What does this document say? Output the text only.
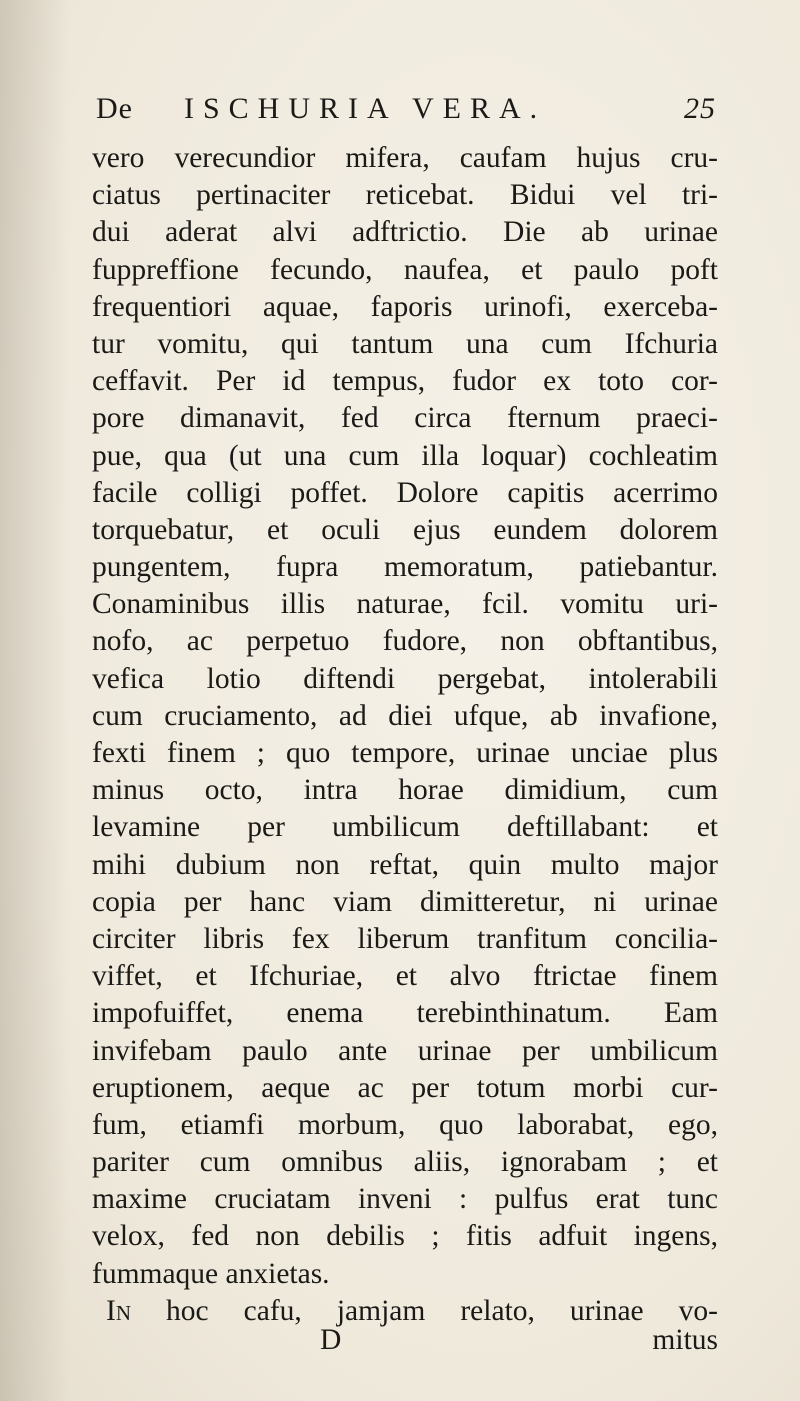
De ISCHURIA VERA.	25
vero verecundior mifera, caufam hujus cru-
ciatus pertinaciter reticebat. Bidui vel tri-
dui aderat alvi adftrictio. Die ab urinae
fuppreffione fecundo, naufea, et paulo poft
frequentiori aquae, faporis urinofi, exerceba-
tur vomitu, qui tantum una cum Ifchuria
ceffavit. Per id tempus, fudor ex toto cor-
pore dimanavit, fed circa fternum praeci-
pue, qua (ut una cum illa loquar) cochleatim
facile colligi poffet. Dolore capitis acerrimo
torquebatur, et oculi ejus eundem dolorem
pungentem, fupra memoratum, patiebantur.
Conaminibus illis naturae, fcil. vomitu uri-
nofo, ac perpetuo fudore, non obftantibus,
vefica lotio diftendi pergebat, intolerabili
cum cruciamento, ad diei ufque, ab invafione,
fexti finem ; quo tempore, urinae unciae plus
minus octo, intra horae dimidium, cum
levamine per umbilicum deftillabant: et
mihi dubium non reftat, quin multo major
copia per hanc viam dimitteretur, ni urinae
circiter libris fex liberum tranfitum concilia-
viffet, et Ifchuriae, et alvo ftrictae finem
impofuiffet, enema terebinthinatum. Eam
invifebam paulo ante urinae per umbilicum
eruptionem, aeque ac per totum morbi cur-
fum, etiamfi morbum, quo laborabat, ego,
pariter cum omnibus aliis, ignorabam ; et
maxime cruciatam inveni : pulfus erat tunc
velox, fed non debilis ; fitis adfuit ingens,
fummaque anxietas.
In hoc cafu, jamjam relato, urinae vo-
D	mitus
